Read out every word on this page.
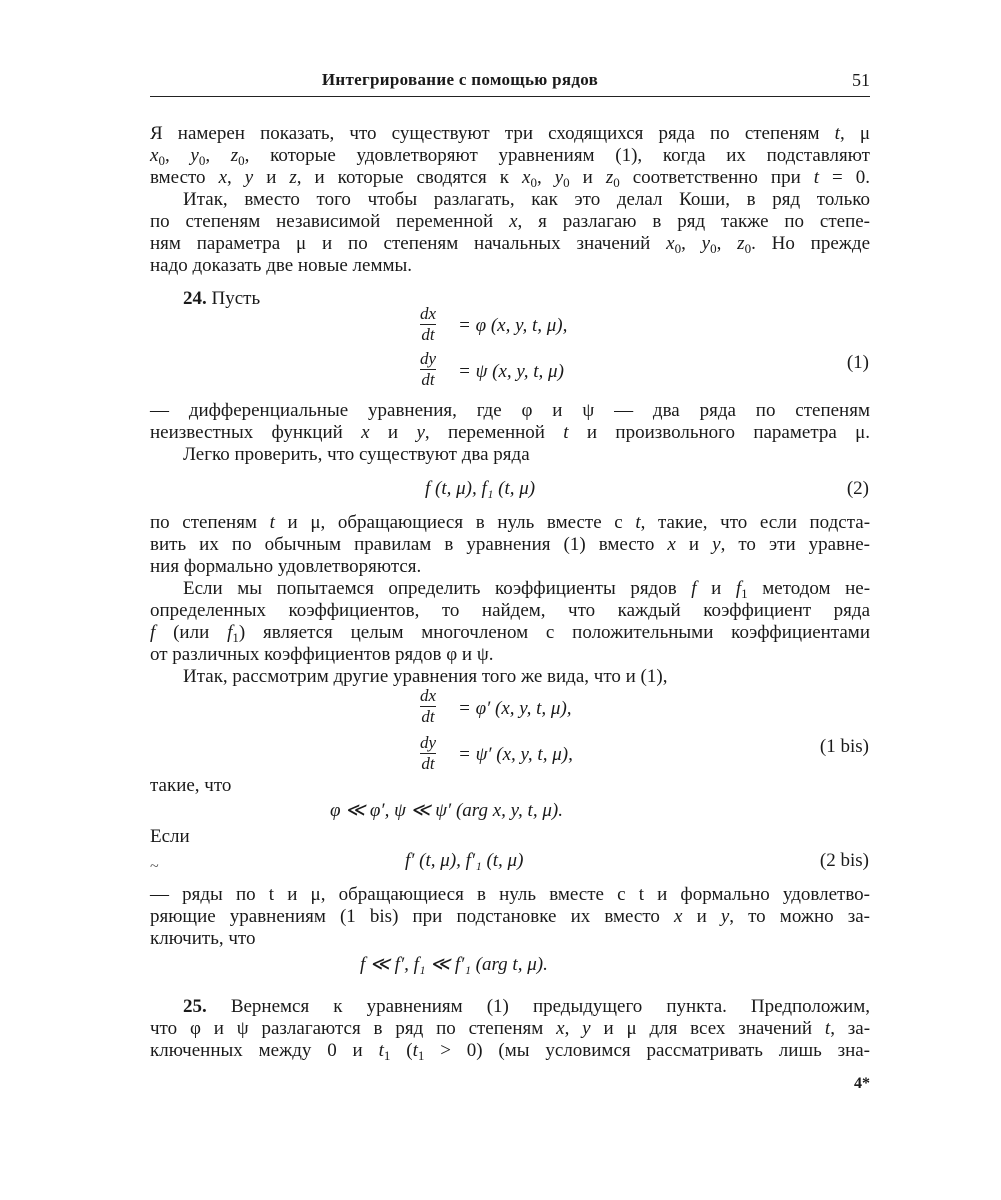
Интегрирование с помощью рядов	51
Я намерен показать, что существуют три сходящихся ряда по степеням t, μ
$x_0$, $y_0$, $z_0$, которые удовлетворяют уравнениям (1), когда их подставляют
вместо x, y и z, и которые сводятся к $x_0$, $y_0$ и $z_0$ соответственно при t = 0.
Итак, вместо того чтобы разлагать, как это делал Коши, в ряд только
по степеням независимой переменной x, я разлагаю в ряд также по степе-
ням параметра μ и по степеням начальных значений $x_0$, $y_0$, $z_0$. Но прежде
надо доказать две новые леммы.
24. Пусть
$\frac{dx}{dt} = \varphi$ (x, y, t, μ),
$\frac{dy}{dt} = \psi$ (x, y, t, μ)	(1)
— дифференциальные уравнения, где φ и ψ — два ряда по степеням
неизвестных функций x и y, переменной t и произвольного параметра μ.
Легко проверить, что существуют два ряда
f (t, μ), f₁ (t, μ)	(2)
по степеням t и μ, обращающиеся в нуль вместе с t, такие, что если подста-
вить их по обычным правилам в уравнения (1) вместо x и y, то эти уравне-
ния формально удовлетворяются.
Если мы попытаемся определить коэффициенты рядов f и $f_1$ методом не-
определенных коэффициентов, то найдем, что каждый коэффициент ряда
f (или $f_1$) является целым многочленом с положительными коэффициентами
от различных коэффициентов рядов φ и ψ.
Итак, рассмотрим другие уравнения того же вида, что и (1),
$\frac{dx}{dt} = \varphi'$ (x, y, t, μ),
$\frac{dy}{dt} = \psi'$ (x, y, t, μ),	(1 bis)
такие, что
φ ≪ φ′, ψ ≪ ψ′ (arg x, y, t, μ).
Если
~	f′ (t, μ), f′₁ (t, μ)	(2 bis)
— ряды по t и μ, обращающиеся в нуль вместе с t и формально удовлетво-
ряющие уравнениям (1 bis) при подстановке их вместо x и y, то можно за-
ключить, что
f ≪ f′, f₁ ≪ f′₁ (arg t, μ).
25. Вернемся к уравнениям (1) предыдущего пункта. Предположим,
что φ и ψ разлагаются в ряд по степеням x, y и μ для всех значений t, за-
ключенных между 0 и $t_1$ $(t_1 > 0)$ (мы условимся рассматривать лишь зна-
4*
